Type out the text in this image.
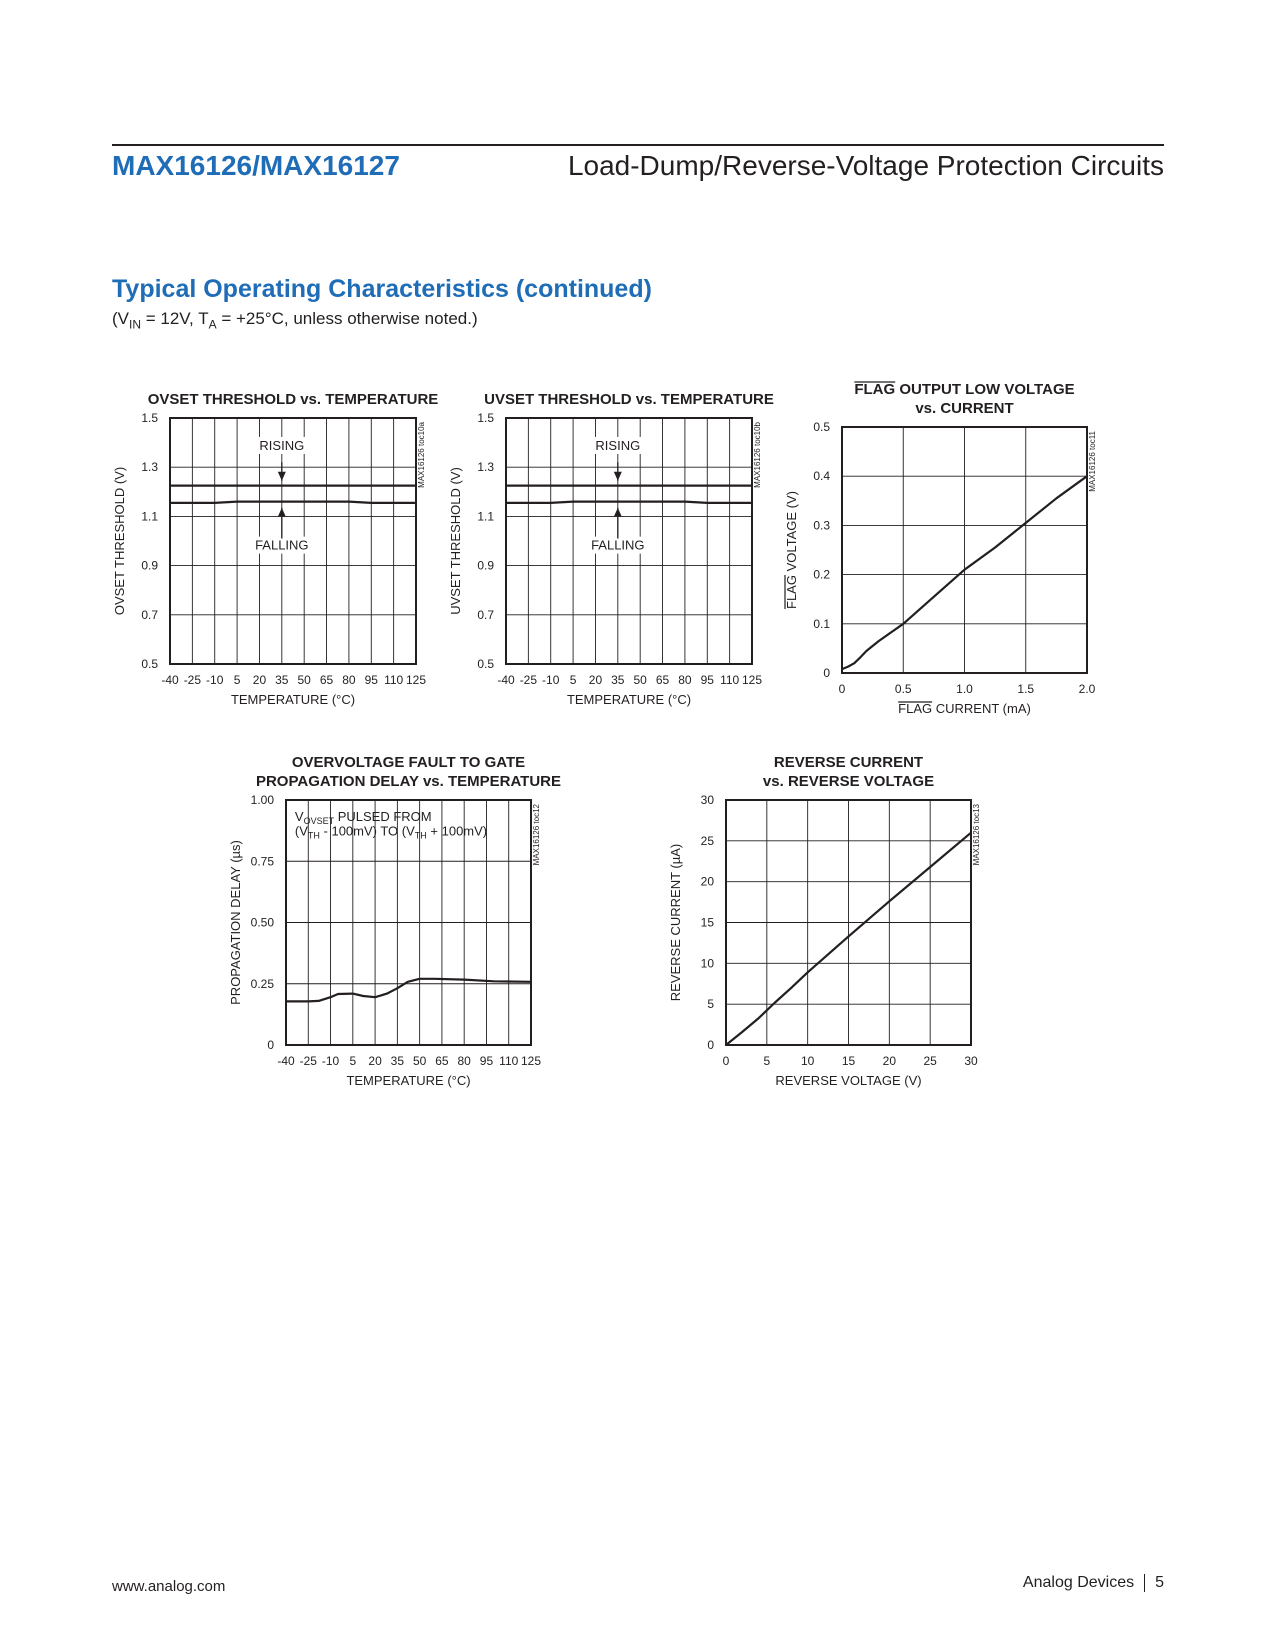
MAX16126/MAX16127	Load-Dump/Reverse-Voltage Protection Circuits
Typical Operating Characteristics (continued)
($V_{IN} = 12V$, $T_A = +25^\circ C$, unless otherwise noted.)
OVSET THRESHOLD vs. TEMPERATURE
-40 -25 -10 5 20 35 50 65 80 95 110 125
0.5
0.7
0.9
1.1
1.3
1.5
TEMPERATURE (°C)
OVSET THRESHOLD (V)
MAX16126 toc10a
RISING
FALLING
UVSET THRESHOLD vs. TEMPERATURE
-40 -25 -10 5 20 35 50 65 80 95 110 125
0.5
0.7
0.9
1.1
1.3
1.5
TEMPERATURE (°C)
UVSET THRESHOLD (V)
MAX16126 toc10b
RISING
FALLING
FLAG OUTPUT LOW VOLTAGE
vs. CURRENT
0	0.5	1.0	1.5	2.0
0
0.1
0.2
0.3
0.4
0.5
FLAG CURRENT (mA)
FLAG VOLTAGE (V)
MAX16126 toc11
OVERVOLTAGE FAULT TO GATE
PROPAGATION DELAY vs. TEMPERATURE
-40 -25 -10 5 20 35 50 65 80 95 110 125
0
0.25
0.50
0.75
1.00
TEMPERATURE (°C)
PROPAGATION DELAY (µs)
MAX16126 toc12
$V_{OVSET}$ PULSED FROM
$(V_{TH} - 100mV)$ TO $(V_{TH} + 100mV)$
REVERSE CURRENT
vs. REVERSE VOLTAGE
0	5	10 15 20 25 30
0
5
10
15
20
25
30
REVERSE VOLTAGE (V)
REVERSE CURRENT (µA)
MAX16126 toc13
www.analog.com	Analog Devices 5
